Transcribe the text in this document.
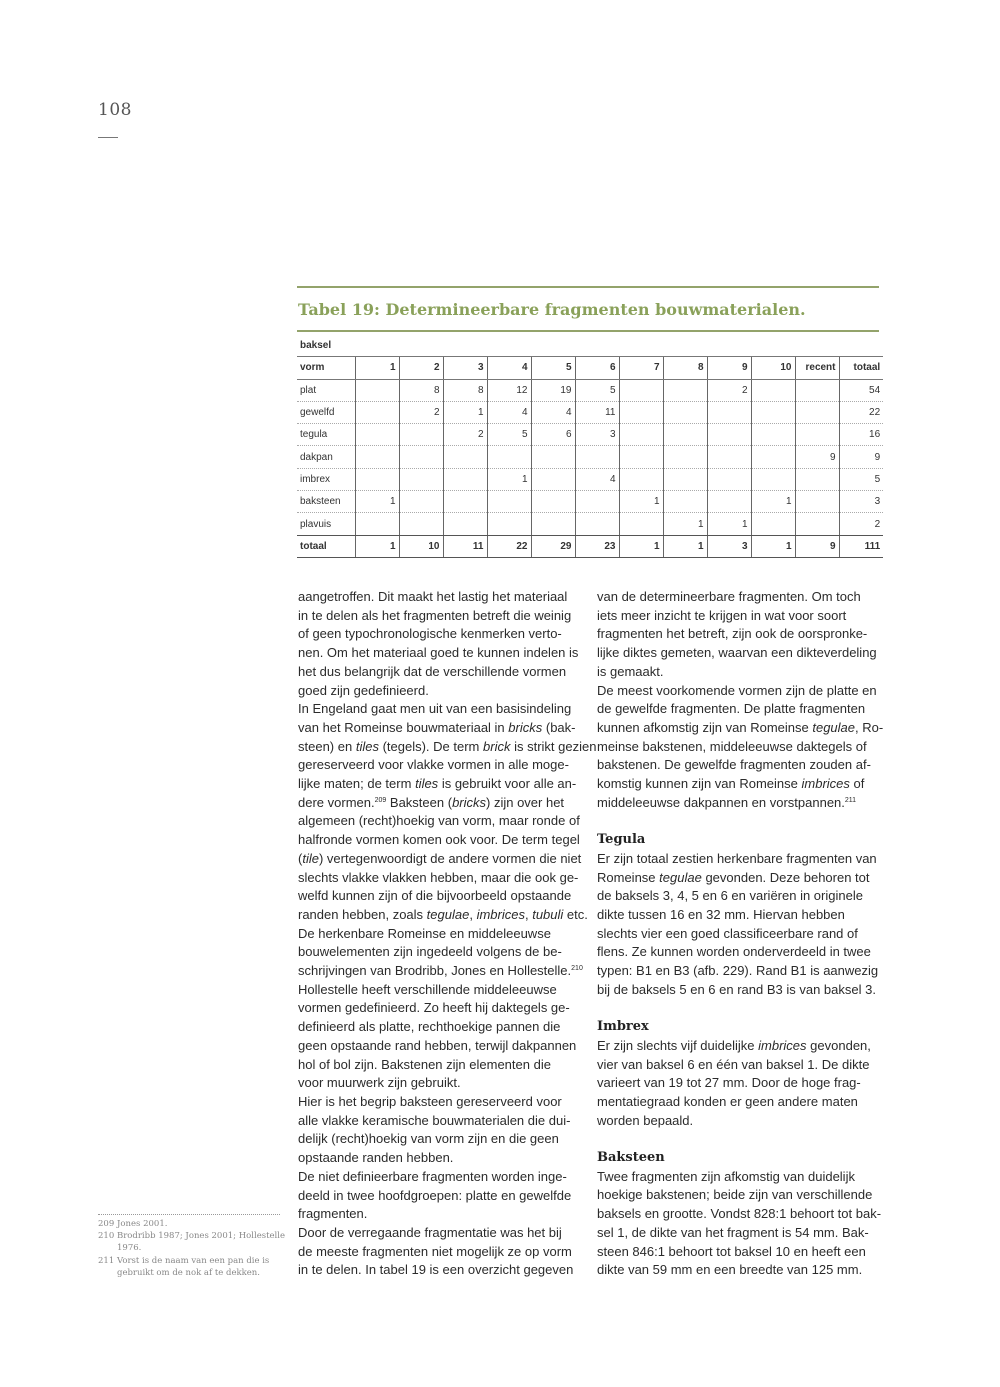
108
Tabel 19: Determineerbare fragmenten bouwmaterialen.
baksel												
vorm	1	2	3	4	5	6	7	8	9	10	recent	totaal
plat		8	8	12	19	5			2			54
gewelfd		2	1	4	4	11						22
tegula			2	5	6	3						16
dakpan											9	9
imbrex				1		4						5
baksteen	1						1			1		3
plavuis								1	1			2
totaal	1	10	11	22	29	23	1	1	3	1	9	111

aangetroffen. Dit maakt het lastig het materiaal
in te delen als het fragmenten betreft die weinig
of geen typochronologische kenmerken verto-
nen. Om het materiaal goed te kunnen indelen is
het dus belangrijk dat de verschillende vormen
goed zijn gedefinieerd.

In Engeland gaat men uit van een basisindeling
van het Romeinse bouwmateriaal in bricks (bak-
steen) en tiles (tegels). De term brick is strikt gezien
gereserveerd voor vlakke vormen in alle moge-
lijke maten; de term tiles is gebruikt voor alle an-
dere vormen.$^{209}$ Baksteen (bricks) zijn over het
algemeen (recht)hoekig van vorm, maar ronde of
halfronde vormen komen ook voor. De term tegel
(tile) vertegenwoordigt de andere vormen die niet
slechts vlakke vlakken hebben, maar die ook ge-
welfd kunnen zijn of die bijvoorbeeld opstaande
randen hebben, zoals tegulae, imbrices, tubuli etc.

De herkenbare Romeinse en middeleeuwse
bouwelementen zijn ingedeeld volgens de be-
schrijvingen van Brodribb, Jones en Hollestelle.$^{210}$

Hollestelle heeft verschillende middeleeuwse
vormen gedefinieerd. Zo heeft hij daktegels ge-
definieerd als platte, rechthoekige pannen die
geen opstaande rand hebben, terwijl dakpannen
hol of bol zijn. Bakstenen zijn elementen die
voor muurwerk zijn gebruikt.

Hier is het begrip baksteen gereserveerd voor
alle vlakke keramische bouwmaterialen die dui-
delijk (recht)hoekig van vorm zijn en die geen
opstaande randen hebben.

De niet definieerbare fragmenten worden inge-
deeld in twee hoofdgroepen: platte en gewelfde
fragmenten.

Door de verregaande fragmentatie was het bij
de meeste fragmenten niet mogelijk ze op vorm
in te delen. In tabel 19 is een overzicht gegeven

van de determineerbare fragmenten. Om toch
iets meer inzicht te krijgen in wat voor soort
fragmenten het betreft, zijn ook de oorspronke-
lijke diktes gemeten, waarvan een dikteverdeling
is gemaakt.

De meest voorkomende vormen zijn de platte en
de gewelfde fragmenten. De platte fragmenten
kunnen afkomstig zijn van Romeinse tegulae, Ro-
meinse bakstenen, middeleeuwse daktegels of
bakstenen. De gewelfde fragmenten zouden af-
komstig kunnen zijn van Romeinse imbrices of
middeleeuwse dakpannen en vorstpannen.$^{211}$

Tegula

Er zijn totaal zestien herkenbare fragmenten van
Romeinse tegulae gevonden. Deze behoren tot
de baksels 3, 4, 5 en 6 en variëren in originele
dikte tussen 16 en 32 mm. Hiervan hebben
slechts vier een goed classificeerbare rand of
flens. Ze kunnen worden onderverdeeld in twee
typen: B1 en B3 (afb. 229). Rand B1 is aanwezig
bij de baksels 5 en 6 en rand B3 is van baksel 3.

Imbrex

Er zijn slechts vijf duidelijke imbrices gevonden,
vier van baksel 6 en één van baksel 1. De dikte
varieert van 19 tot 27 mm. Door de hoge frag-
mentatiegraad konden er geen andere maten
worden bepaald.

Baksteen

Twee fragmenten zijn afkomstig van duidelijk
hoekige bakstenen; beide zijn van verschillende
baksels en grootte. Vondst 828:1 behoort tot bak-
sel 1, de dikte van het fragment is 54 mm. Bak-
steen 846:1 behoort tot baksel 10 en heeft een
dikte van 59 mm en een breedte van 125 mm.

209 Jones 2001.
210 Brodribb 1987; Jones 2001; Hollestelle
1976.
211 Vorst is de naam van een pan die is
gebruikt om de nok af te dekken.
